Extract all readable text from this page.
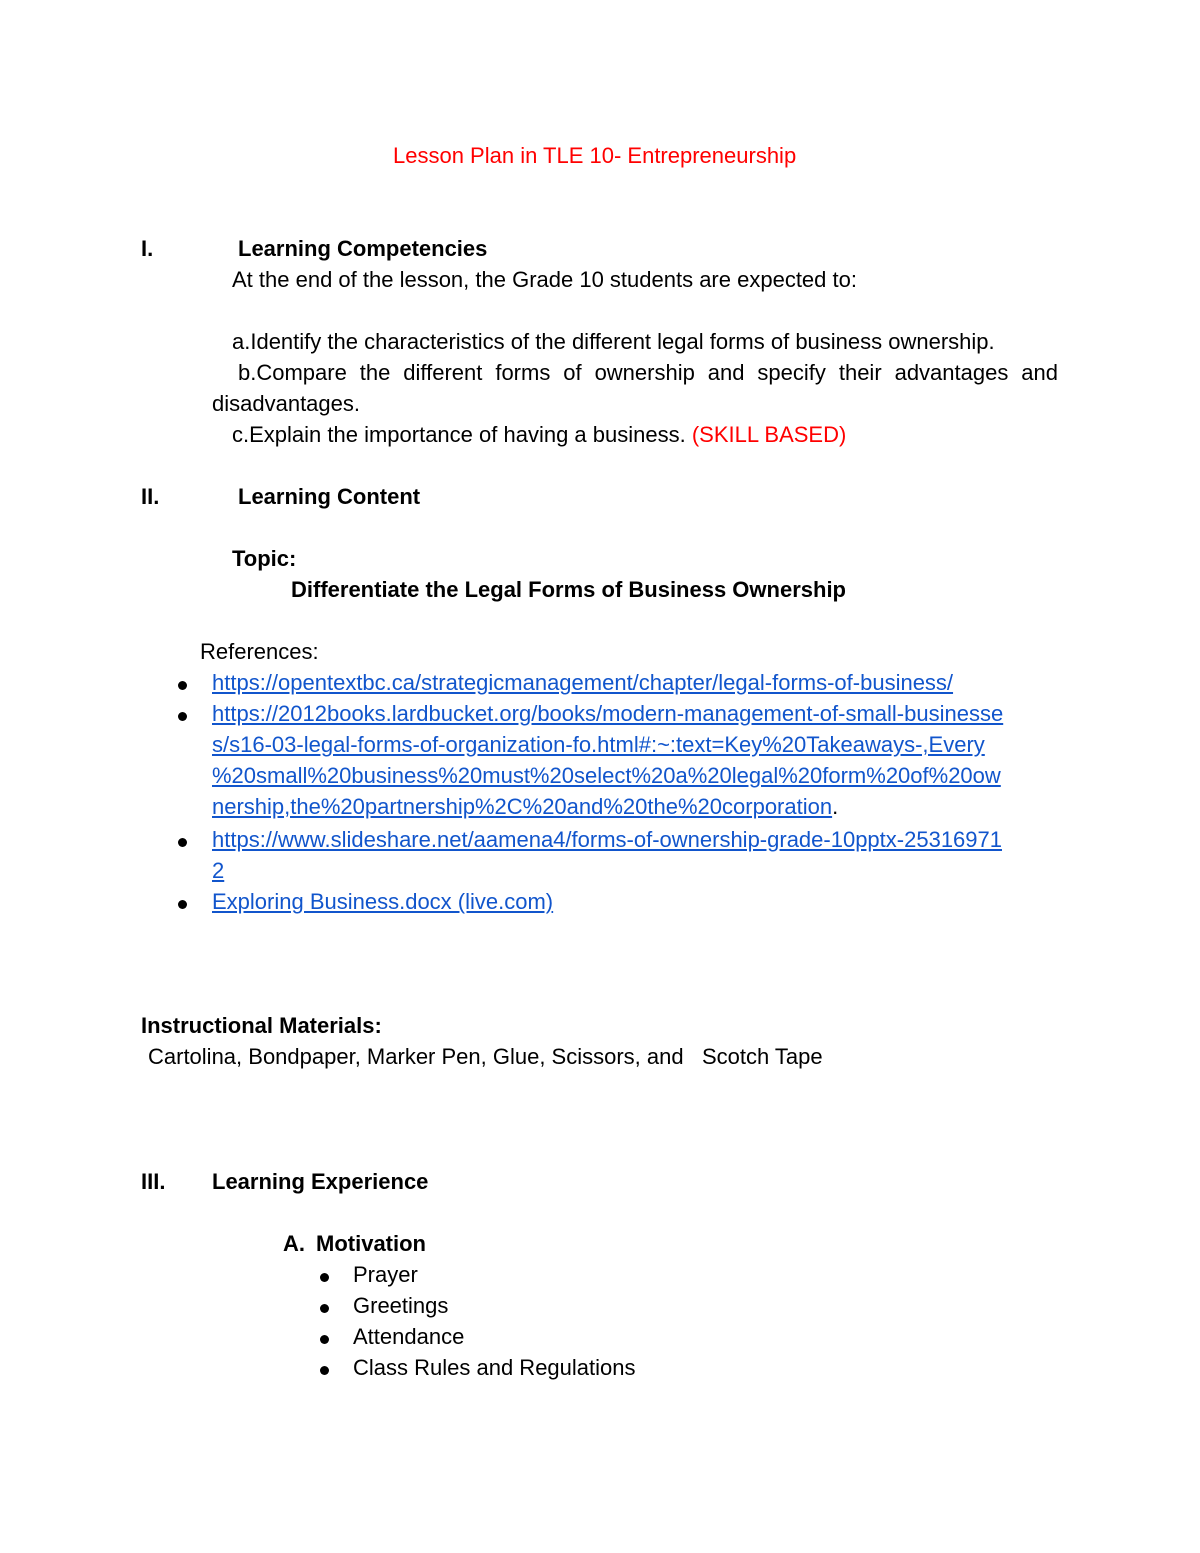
Lesson Plan in TLE 10- Entrepreneurship
I.	Learning Competencies
At the end of the lesson, the Grade 10 students are expected to:
a.Identify the characteristics of the different legal forms of business ownership.
b.Compare the different forms of ownership and specify their advantages and
disadvantages.
c.Explain the importance of having a business. (SKILL BASED)
II.	Learning Content
Topic:
Differentiate the Legal Forms of Business Ownership
References:
https://opentextbc.ca/strategicmanagement/chapter/legal-forms-of-business/
https://2012books.lardbucket.org/books/modern-management-of-small-businesse
s/s16-03-legal-forms-of-organization-fo.html#:~:text=Key%20Takeaways-,Every
%20small%20business%20must%20select%20a%20legal%20form%20of%20ow
nership,the%20partnership%2C%20and%20the%20corporation.
https://www.slideshare.net/aamena4/forms-of-ownership-grade-10pptx-25316971
2
Exploring Business.docx (live.com)
Instructional Materials:
Cartolina, Bondpaper, Marker Pen, Glue, Scissors, and   Scotch Tape
III. Learning Experience
A. Motivation
Prayer
Greetings
Attendance
Class Rules and Regulations
